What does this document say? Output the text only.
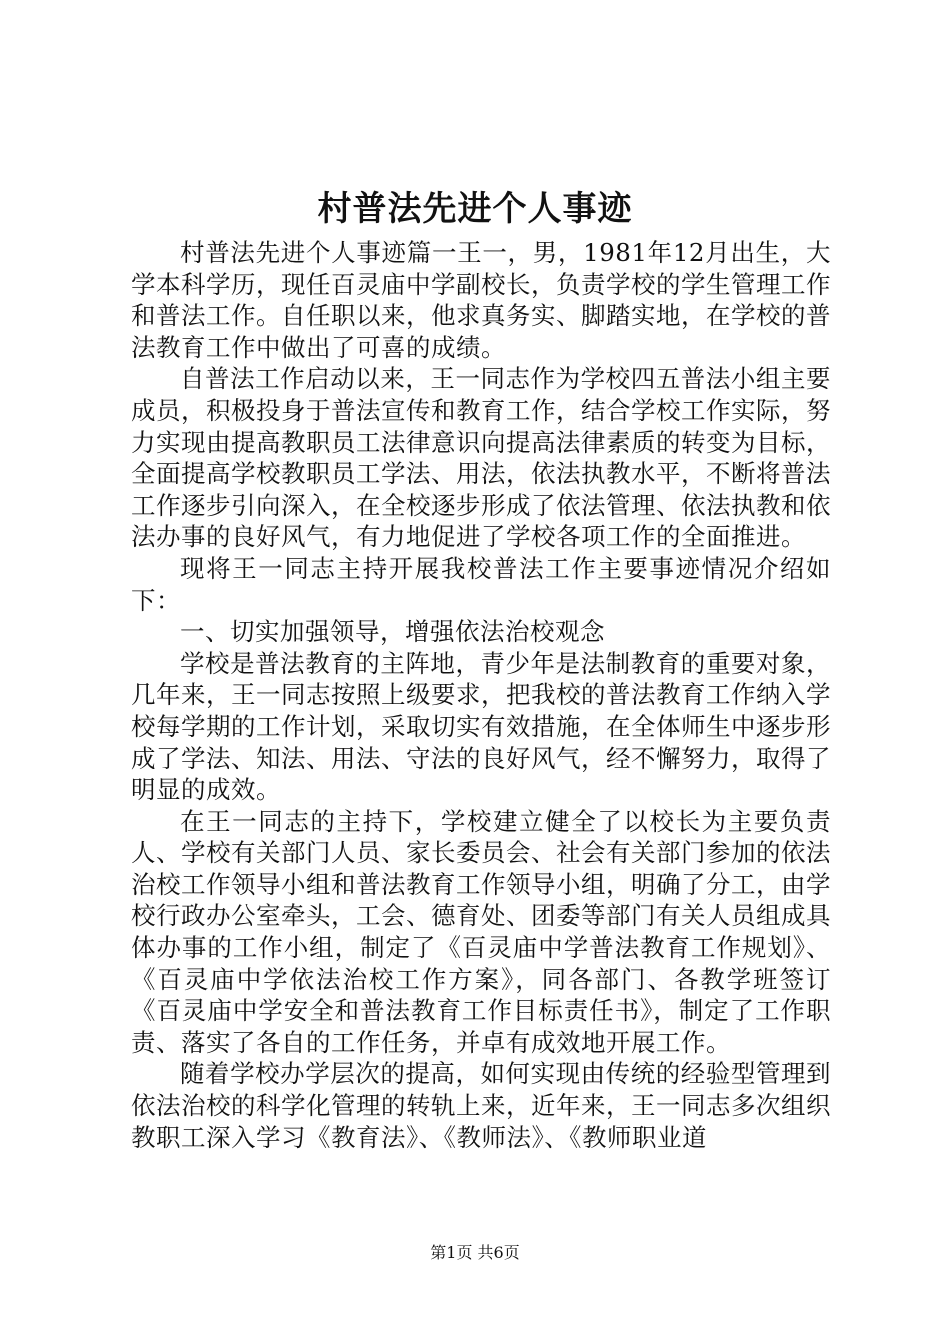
村普法先进个人事迹

村普法先进个人事迹篇一王一，男，1981年12月出生，大学本科学历，现任百灵庙中学副校长，负责学校的学生管理工作和普法工作。自任职以来，他求真务实、脚踏实地，在学校的普法教育工作中做出了可喜的成绩。

自普法工作启动以来，王一同志作为学校四五普法小组主要成员，积极投身于普法宣传和教育工作，结合学校工作实际，努力实现由提高教职员工法律意识向提高法律素质的转变为目标，全面提高学校教职员工学法、用法，依法执教水平，不断将普法工作逐步引向深入，在全校逐步形成了依法管理、依法执教和依法办事的良好风气，有力地促进了学校各项工作的全面推进。

现将王一同志主持开展我校普法工作主要事迹情况介绍如下：

一、切实加强领导，增强依法治校观念

学校是普法教育的主阵地，青少年是法制教育的重要对象，几年来，王一同志按照上级要求，把我校的普法教育工作纳入学校每学期的工作计划，采取切实有效措施，在全体师生中逐步形成了学法、知法、用法、守法的良好风气，经不懈努力，取得了明显的成效。

在王一同志的主持下，学校建立健全了以校长为主要负责人、学校有关部门人员、家长委员会、社会有关部门参加的依法治校工作领导小组和普法教育工作领导小组，明确了分工，由学校行政办公室牵头，工会、德育处、团委等部门有关人员组成具体办事的工作小组，制定了《百灵庙中学普法教育工作规划》、《百灵庙中学依法治校工作方案》，同各部门、各教学班签订《百灵庙中学安全和普法教育工作目标责任书》，制定了工作职责、落实了各自的工作任务，并卓有成效地开展工作。

随着学校办学层次的提高，如何实现由传统的经验型管理到依法治校的科学化管理的转轨上来，近年来，王一同志多次组织教职工深入学习《教育法》、《教师法》、《教师职业道

第1页 共6页
